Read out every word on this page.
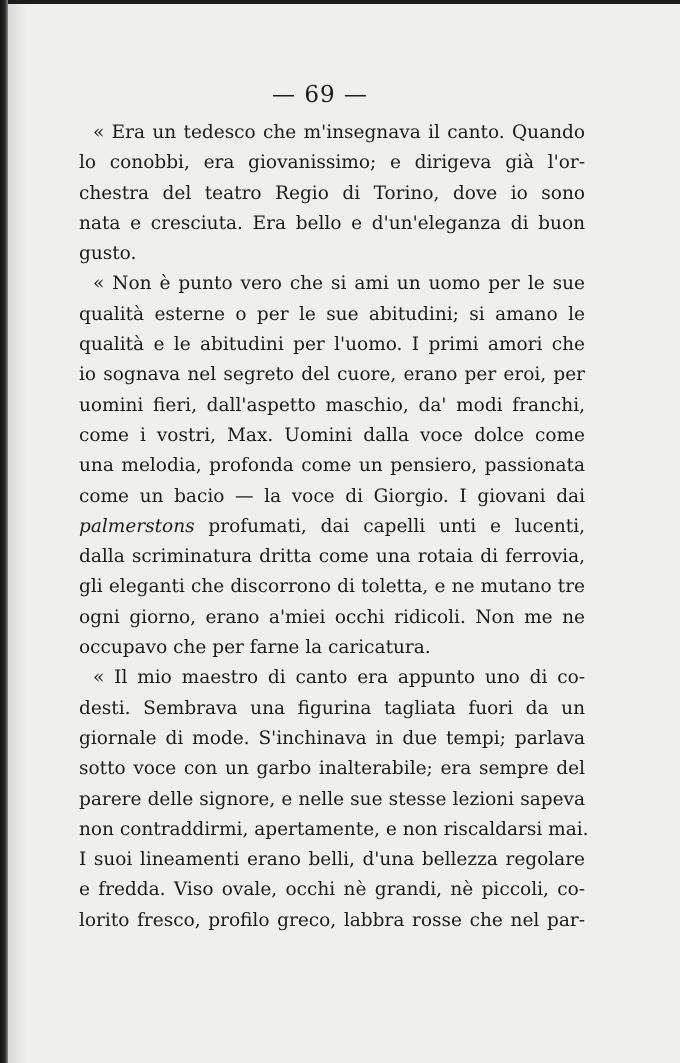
— 69 —

« Era un tedesco che m'insegnava il canto. Quando
lo conobbi, era giovanissimo; e dirigeva già l'or-
chestra del teatro Regio di Torino, dove io sono
nata e cresciuta. Era bello e d'un'eleganza di buon
gusto.
« Non è punto vero che si ami un uomo per le sue
qualità esterne o per le sue abitudini; si amano le
qualità e le abitudini per l'uomo. I primi amori che
io sognava nel segreto del cuore, erano per eroi, per
uomini fieri, dall'aspetto maschio, da' modi franchi,
come i vostri, Max. Uomini dalla voce dolce come
una melodia, profonda come un pensiero, passionata
come un bacio — la voce di Giorgio. I giovani dai
palmerstons profumati, dai capelli unti e lucenti,
dalla scriminatura dritta come una rotaia di ferrovia,
gli eleganti che discorrono di toletta, e ne mutano tre
ogni giorno, erano a'miei occhi ridicoli. Non me ne
occupavo che per farne la caricatura.
« Il mio maestro di canto era appunto uno di co-
desti. Sembrava una figurina tagliata fuori da un
giornale di mode. S'inchinava in due tempi; parlava
sotto voce con un garbo inalterabile; era sempre del
parere delle signore, e nelle sue stesse lezioni sapeva
non contraddirmi, apertamente, e non riscaldarsi mai.
I suoi lineamenti erano belli, d'una bellezza regolare
e fredda. Viso ovale, occhi nè grandi, nè piccoli, co-
lorito fresco, profilo greco, labbra rosse che nel par-
